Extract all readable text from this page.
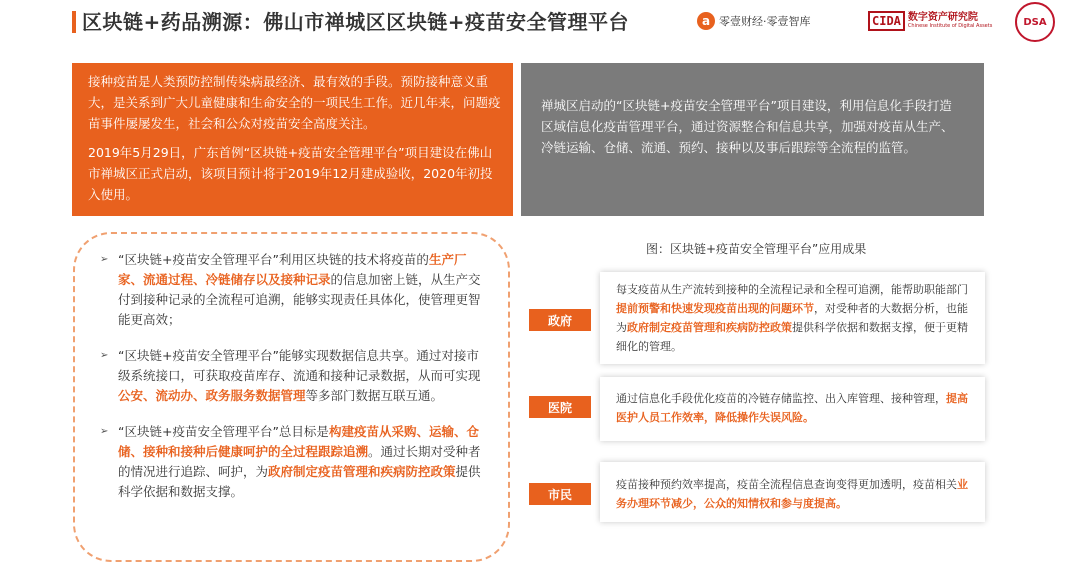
区块链+药品溯源：佛山市禅城区区块链+疫苗安全管理平台	a 零壹财经·零壹智库	CIDA 数字资产研究院
Chinese Institute of Digital Assets	DSA

接种疫苗是人类预防控制传染病最经济、最有效的手段。预防接种意义重大，是关系到广大儿童健康和生命安全的一项民生工作。近几年来，问题疫苗事件屡屡发生，社会和公众对疫苗安全高度关注。

2019年5月29日，广东首例“区块链+疫苗安全管理平台”项目建设在佛山市禅城区正式启动，该项目预计将于2019年12月建成验收，2020年初投入使用。

禅城区启动的“区块链+疫苗安全管理平台”项目建设，利用信息化手段打造区域信息化疫苗管理平台，通过资源整合和信息共享，加强对疫苗从生产、冷链运输、仓储、流通、预约、接种以及事后跟踪等全流程的监管。
➢ “区块链+疫苗安全管理平台”利用区块链的技术将疫苗的生产厂家、流通过程、冷链储存以及接种记录的信息加密上链，从生产交付到接种记录的全流程可追溯，能够实现责任具体化，使管理更智能更高效；
➢ “区块链+疫苗安全管理平台”能够实现数据信息共享。通过对接市级系统接口，可获取疫苗库存、流通和接种记录数据，从而可实现公安、流动办、政务服务数据管理等多部门数据互联互通。
➢ “区块链+疫苗安全管理平台”总目标是构建疫苗从采购、运输、仓储、接种和接种后健康呵护的全过程跟踪追溯。通过长期对受种者的情况进行追踪、呵护，为政府制定疫苗管理和疾病防控政策提供科学依据和数据支撑。
图：区块链+疫苗安全管理平台”应用成果
政府
每支疫苗从生产流转到接种的全流程记录和全程可追溯，能帮助职能部门提前预警和快速发现疫苗出现的问题环节，对受种者的大数据分析，也能为政府制定疫苗管理和疾病防控政策提供科学依据和数据支撑，便于更精细化的管理。
医院
通过信息化手段优化疫苗的冷链存储监控、出入库管理、接种管理，提高医护人员工作效率，降低操作失误风险。
市民
疫苗接种预约效率提高，疫苗全流程信息查询变得更加透明，疫苗相关业务办理环节减少，公众的知情权和参与度提高。
